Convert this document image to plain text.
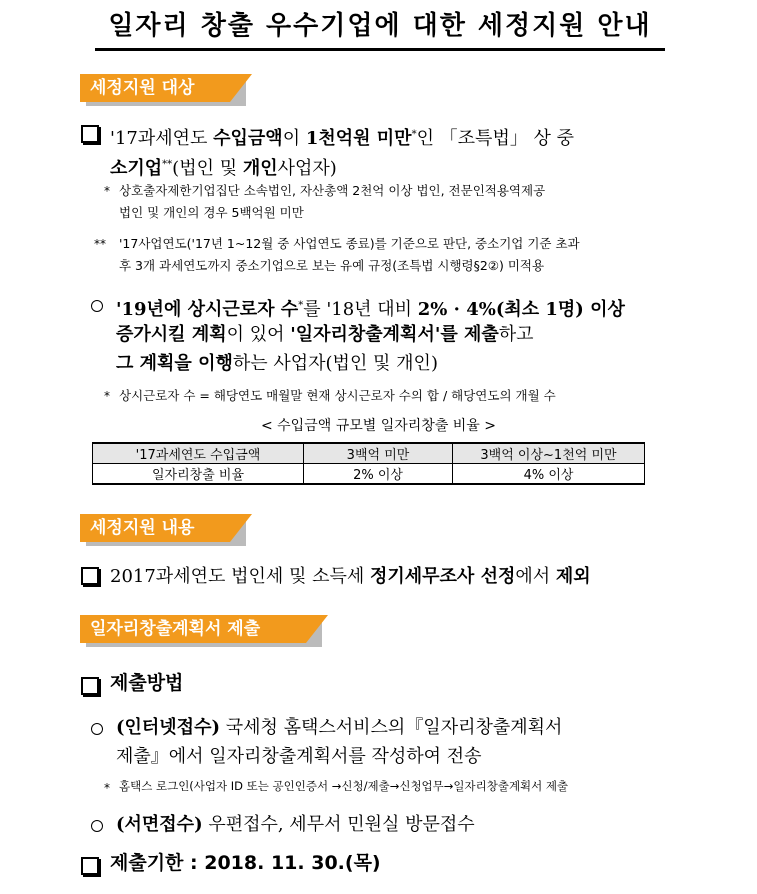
일자리 창출 우수기업에 대한 세정지원 안내
세정지원 대상
'17과세연도 수입금액이 1천억원 미만*인 「조특법」 상 중
소기업**(법인 및 개인사업자)
* 상호출자제한기업집단 소속법인, 자산총액 2천억 이상 법인, 전문인적용역제공
법인 및 개인의 경우 5백억원 미만
** '17사업연도('17년 1~12월 중 사업연도 종료)를 기준으로 판단, 중소기업 기준 초과
후 3개 과세연도까지 중소기업으로 보는 유예 규정(조특법 시행령§2②) 미적용
'19년에 상시근로자 수*를 '18년 대비 2% · 4%(최소 1명) 이상
증가시킬 계획이 있어 '일자리창출계획서'를 제출하고
그 계획을 이행하는 사업자(법인 및 개인)
* 상시근로자 수 = 해당연도 매월말 현재 상시근로자 수의 합 / 해당연도의 개월 수
< 수입금액 규모별 일자리창출 비율 >
'17과세연도 수입금액	3백억 미만	3백억 이상~1천억 미만
일자리창출 비율	2% 이상	4% 이상
세정지원 내용
2017과세연도 법인세 및 소득세 정기세무조사 선정에서 제외
일자리창출계획서 제출
제출방법
(인터넷접수) 국세청 홈택스서비스의『일자리창출계획서
제출』에서 일자리창출계획서를 작성하여 전송
* 홈택스 로그인(사업자 ID 또는 공인인증서 →신청/제출→신청업무→일자리창출계획서 제출
(서면접수) 우편접수, 세무서 민원실 방문접수
제출기한 : 2018. 11. 30.(목)
